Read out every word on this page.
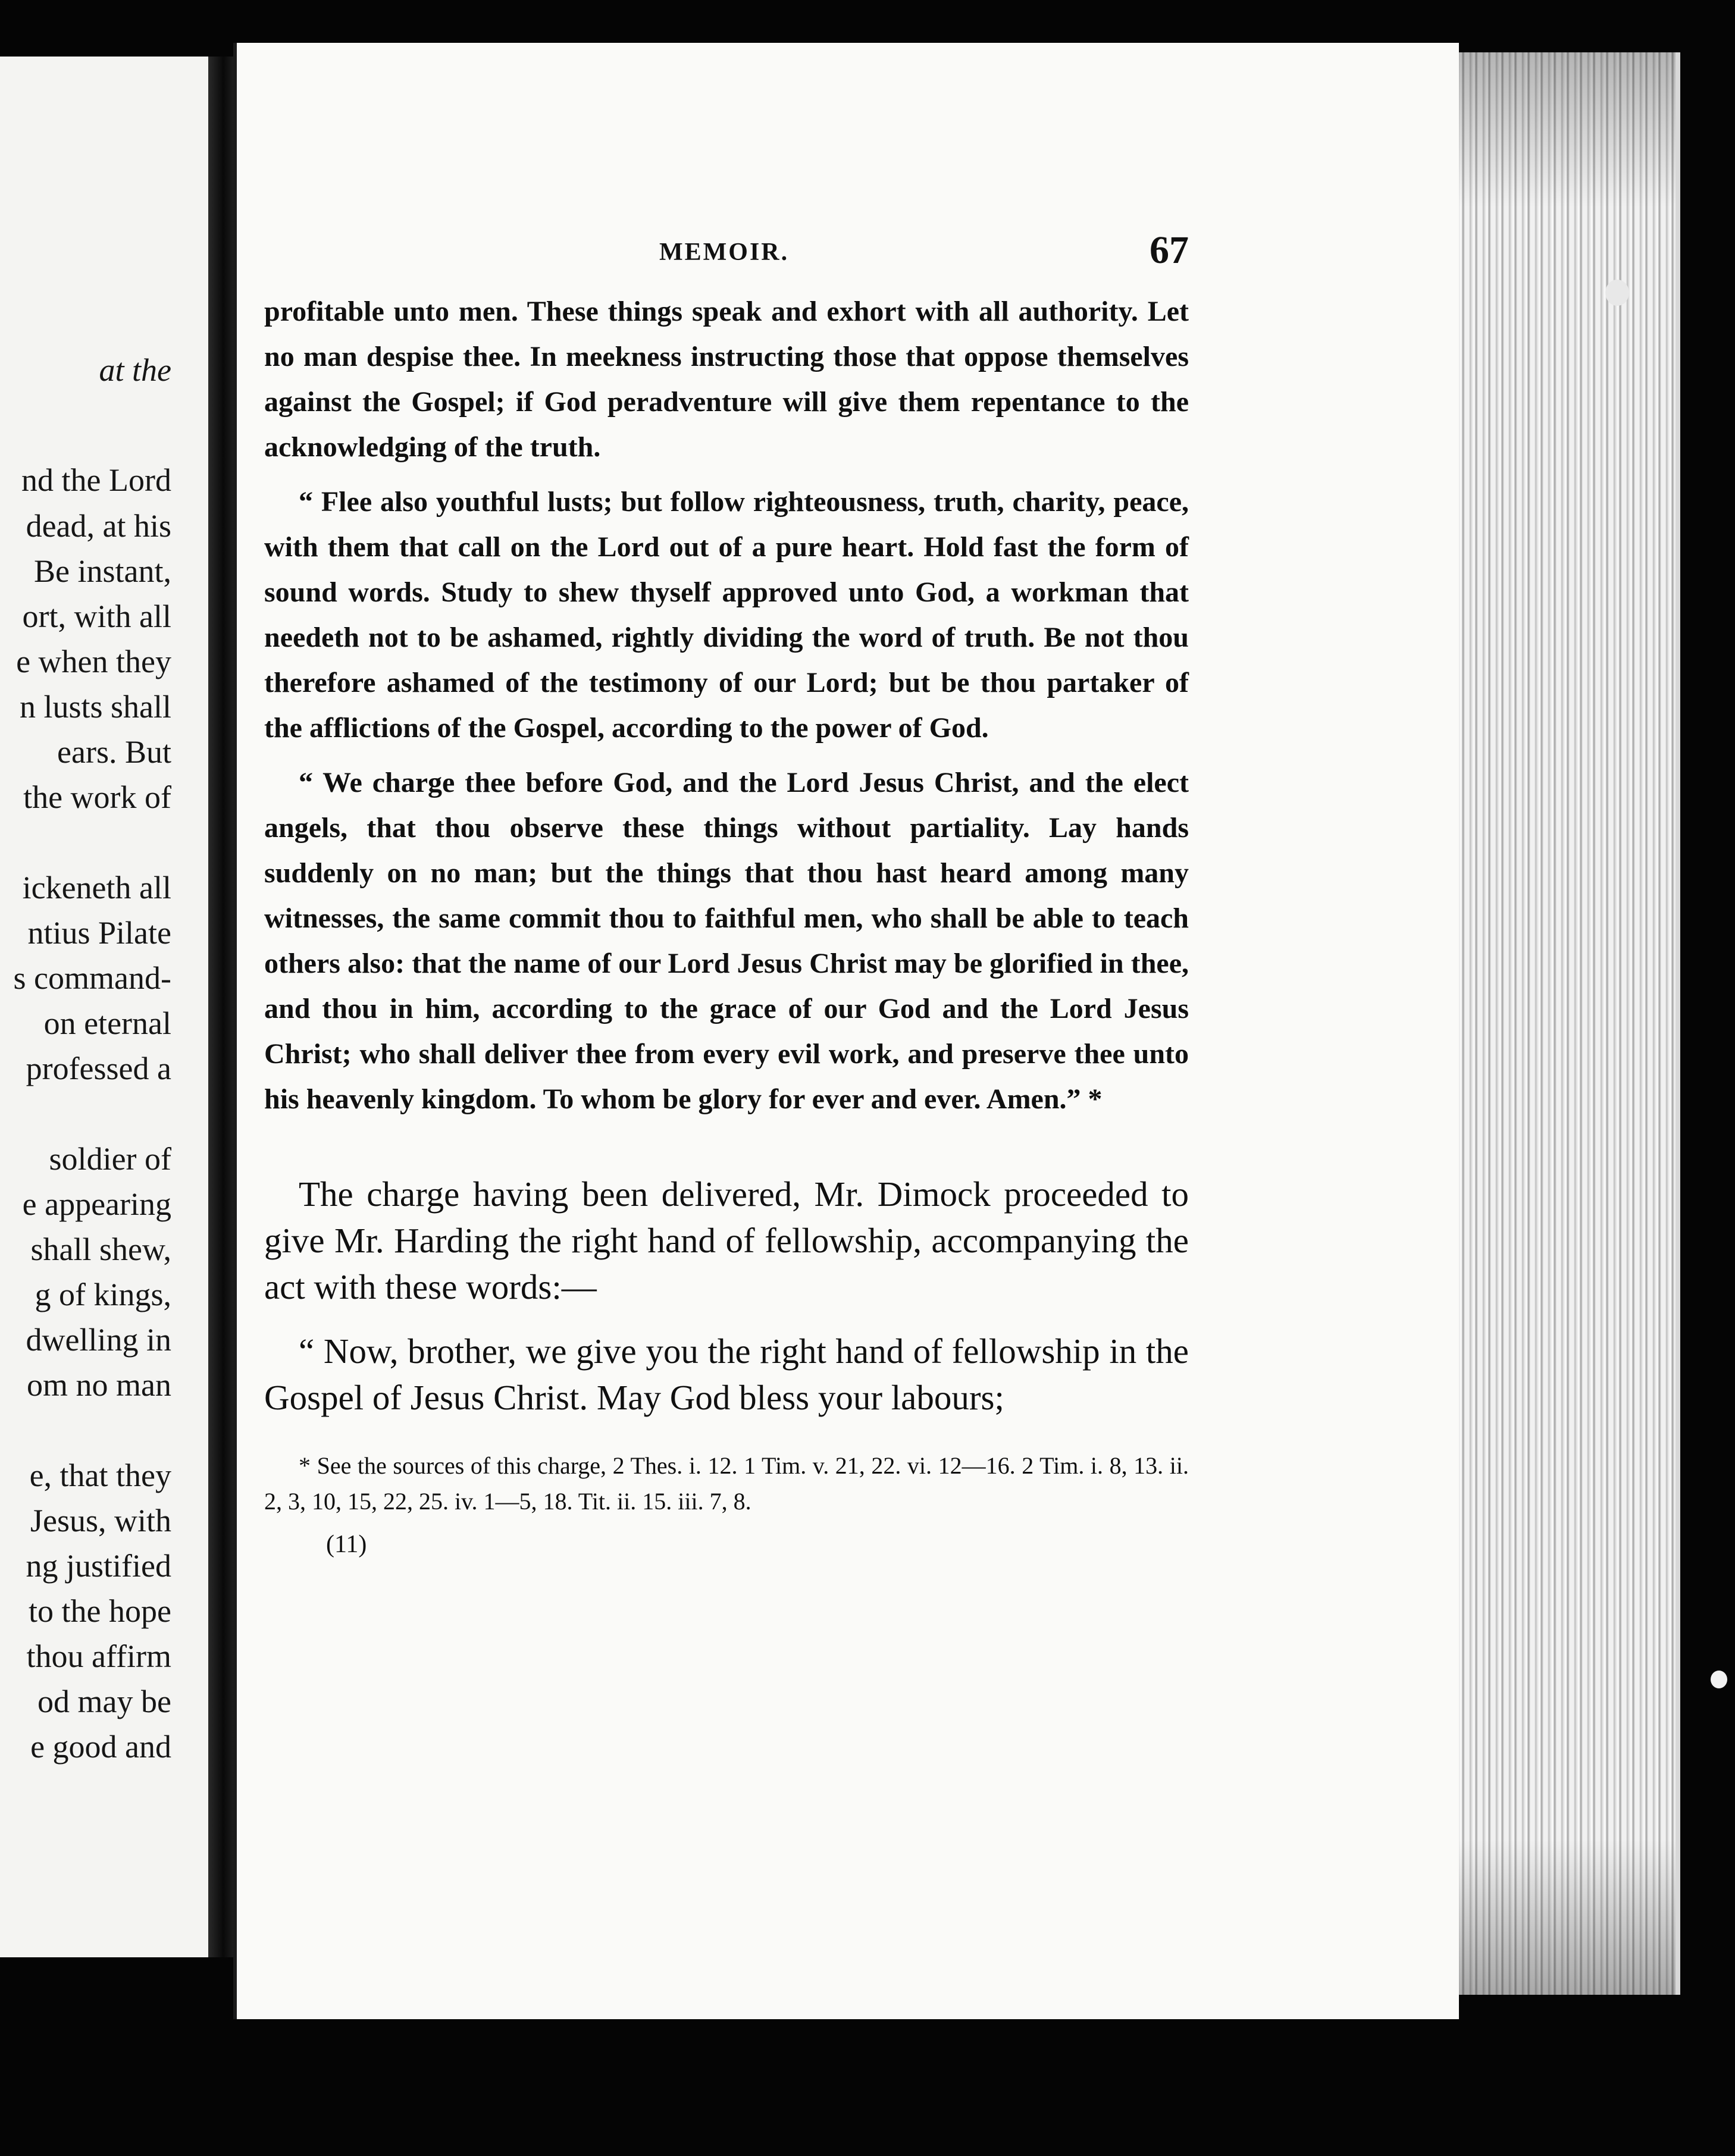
at the
nd the Lord
dead, at his
Be instant,
ort, with all
e when they
n lusts shall
ears. But
the work of
ickeneth all
ntius Pilate
s command-
on eternal
professed a
soldier of
e appearing
shall shew,
g of kings,
dwelling in
om no man
e, that they
Jesus, with
ng justified
to the hope
thou affirm
od may be
e good and
MEMOIR.	67

profitable unto men. These things speak and exhort with all authority. Let no man despise thee. In meekness instructing those that oppose themselves against the Gospel; if God peradventure will give them repentance to the acknowledging of the truth.

“ Flee also youthful lusts; but follow righteousness, truth, charity, peace, with them that call on the Lord out of a pure heart. Hold fast the form of sound words. Study to shew thyself approved unto God, a workman that needeth not to be ashamed, rightly dividing the word of truth. Be not thou therefore ashamed of the testimony of our Lord; but be thou partaker of the afflictions of the Gospel, according to the power of God.

“ We charge thee before God, and the Lord Jesus Christ, and the elect angels, that thou observe these things without partiality. Lay hands suddenly on no man; but the things that thou hast heard among many witnesses, the same commit thou to faithful men, who shall be able to teach others also: that the name of our Lord Jesus Christ may be glorified in thee, and thou in him, according to the grace of our God and the Lord Jesus Christ; who shall deliver thee from every evil work, and preserve thee unto his heavenly kingdom. To whom be glory for ever and ever. Amen.” *

The charge having been delivered, Mr. Dimock proceeded to give Mr. Harding the right hand of fellowship, accompanying the act with these words:—

“ Now, brother, we give you the right hand of fellowship in the Gospel of Jesus Christ. May God bless your labours;

* See the sources of this charge, 2 Thes. i. 12. 1 Tim. v. 21, 22. vi. 12—16. 2 Tim. i. 8, 13. ii. 2, 3, 10, 15, 22, 25. iv. 1—5, 18. Tit. ii. 15. iii. 7, 8.

(11)
